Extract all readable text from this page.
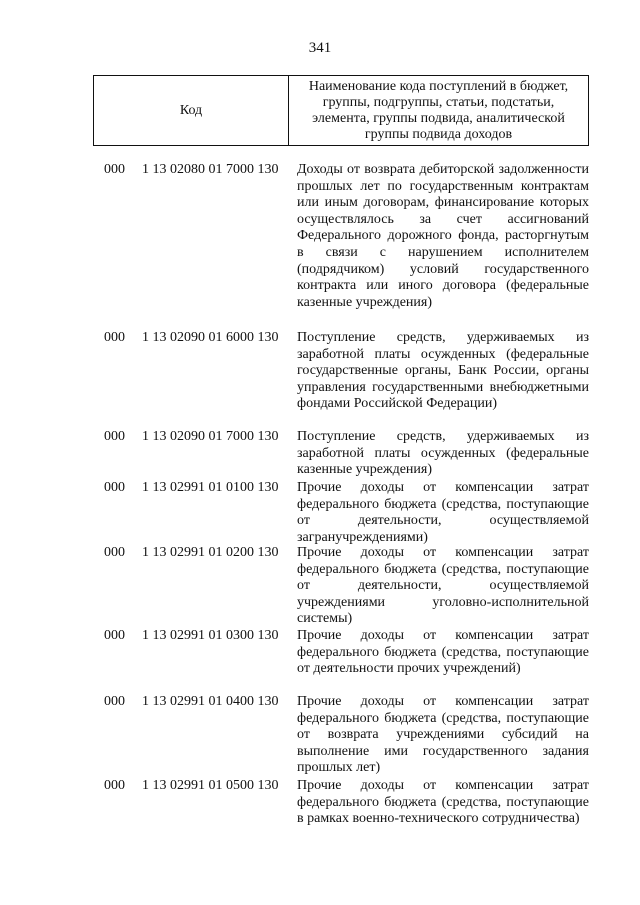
341
Код
Наименование кода поступлений в бюджет, группы, подгруппы, статьи, подстатьи, элемента, группы подвида, аналитической группы подвида доходов
000 1 13 02080 01 7000 130 Доходы от возврата дебиторской задолженности прошлых лет по государственным контрактам или иным договорам, финансирование которых осуществлялось за счет ассигнований Федерального дорожного фонда, расторгнутым в связи с нарушением исполнителем (подрядчиком) условий государственного контракта или иного договора (федеральные казенные учреждения)
000 1 13 02090 01 6000 130 Поступление средств, удерживаемых из заработной платы осужденных (федеральные государственные органы, Банк России, органы управления государственными внебюджетными фондами Российской Федерации)
000 1 13 02090 01 7000 130 Поступление средств, удерживаемых из заработной платы осужденных (федеральные казенные учреждения)
000 1 13 02991 01 0100 130 Прочие доходы от компенсации затрат федерального бюджета (средства, поступающие от деятельности, осуществляемой загранучреждениями)
000 1 13 02991 01 0200 130 Прочие доходы от компенсации затрат федерального бюджета (средства, поступающие от деятельности, осуществляемой учреждениями уголовно-исполнительной системы)
000 1 13 02991 01 0300 130 Прочие доходы от компенсации затрат федерального бюджета (средства, поступающие от деятельности прочих учреждений)
000 1 13 02991 01 0400 130 Прочие доходы от компенсации затрат федерального бюджета (средства, поступающие от возврата учреждениями субсидий на выполнение ими государственного задания прошлых лет)
000 1 13 02991 01 0500 130 Прочие доходы от компенсации затрат федерального бюджета (средства, поступающие в рамках военно-технического сотрудничества)
